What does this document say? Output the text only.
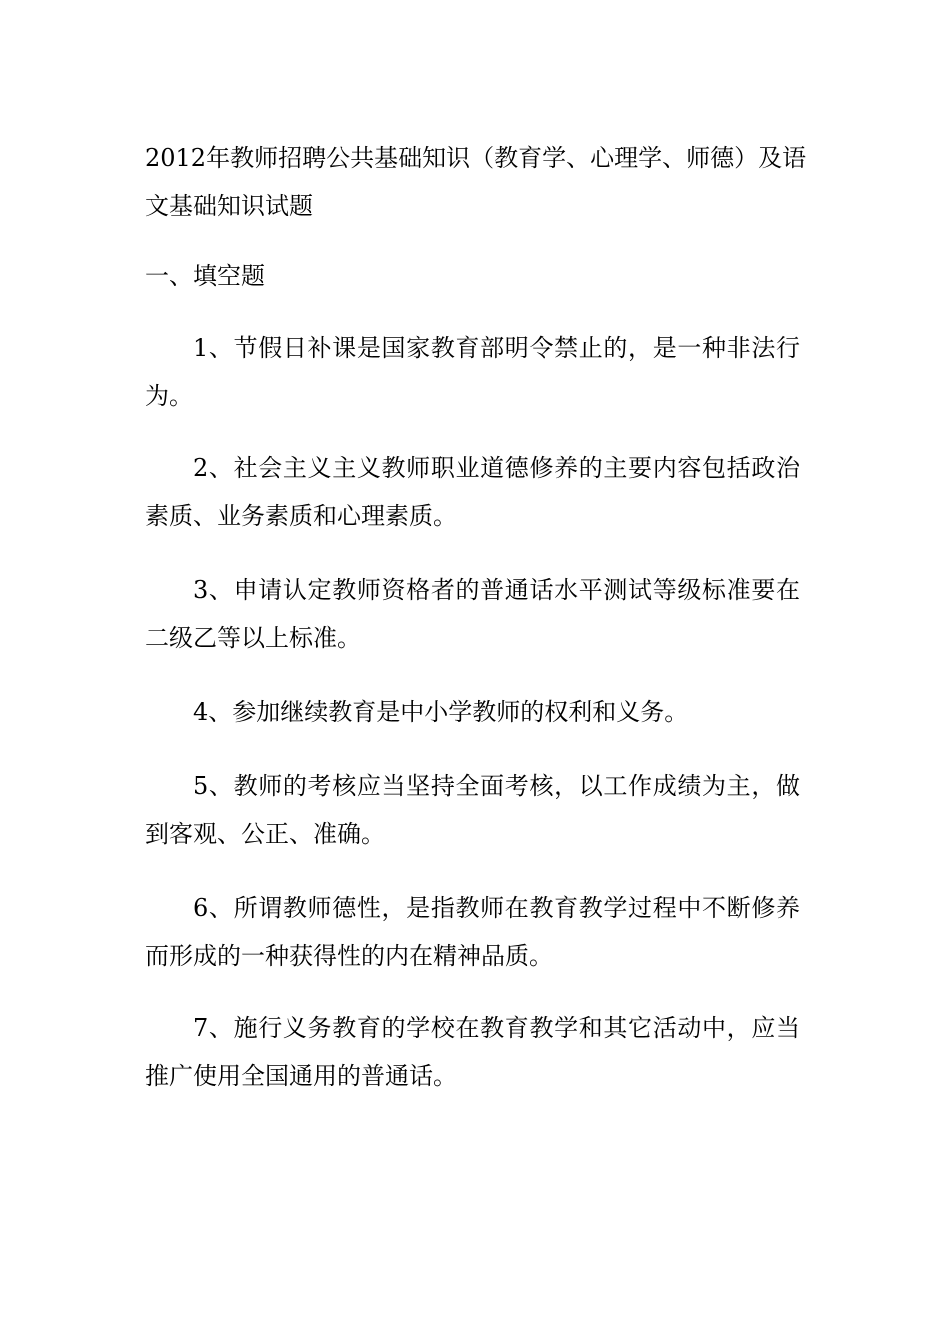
2012年教师招聘公共基础知识（教育学、心理学、师德）及语文基础知识试题
一、填空题

1、节假日补课是国家教育部明令禁止的，是一种非法行为。

2、社会主义主义教师职业道德修养的主要内容包括政治素质、业务素质和心理素质。

3、申请认定教师资格者的普通话水平测试等级标准要在二级乙等以上标准。

4、参加继续教育是中小学教师的权利和义务。

5、教师的考核应当坚持全面考核，以工作成绩为主，做到客观、公正、准确。

6、所谓教师德性，是指教师在教育教学过程中不断修养而形成的一种获得性的内在精神品质。

7、施行义务教育的学校在教育教学和其它活动中，应当推广使用全国通用的普通话。
